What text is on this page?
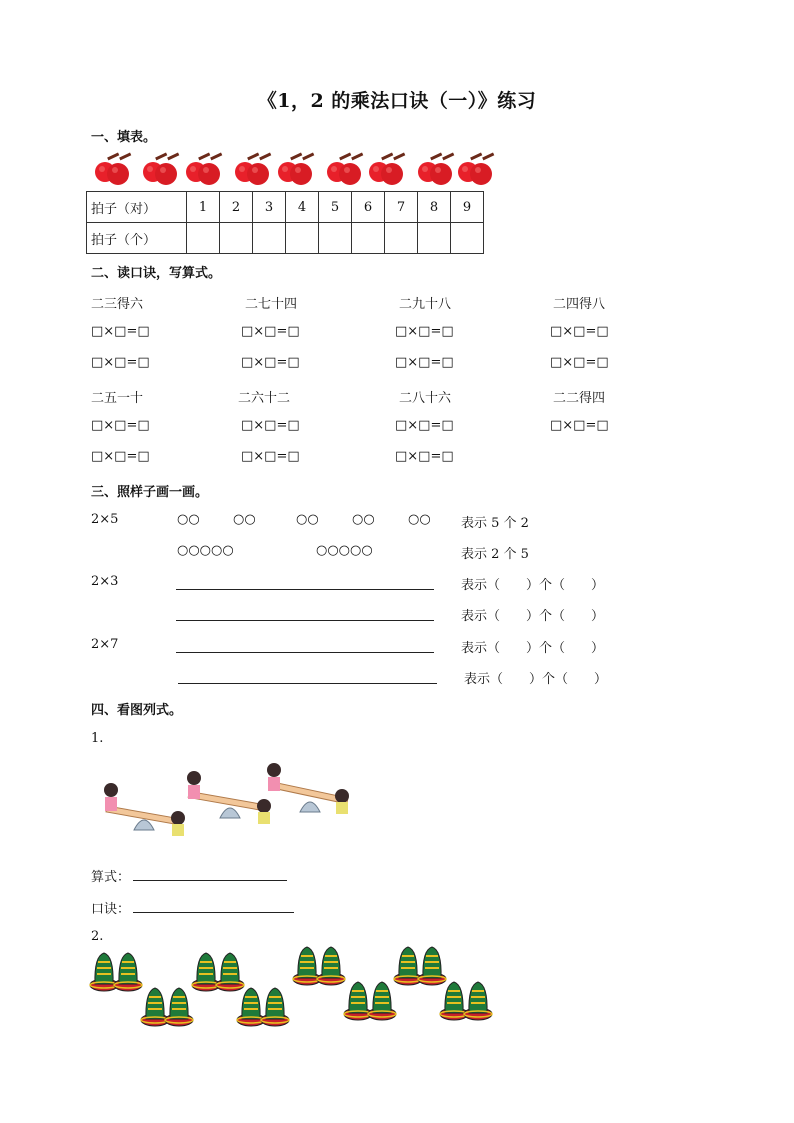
《1，2 的乘法口诀（一）》练习
一、填表。
拍子（对）	1	2	3	4	5	6	7	8	9
拍子（个）									
二、读口诀，写算式。
二三得六	二七十四	二九十八	二四得八
□×□=□	□×□=□	□×□=□	□×□=□
□×□=□	□×□=□	□×□=□	□×□=□
二五一十	二六十二	二八十六	二二得四
□×□=□	□×□=□	□×□=□	□×□=□
□×□=□	□×□=□	□×□=□
三、照样子画一画。
2×5	○○	○○	○○	○○	○○ 表示 5 个 2
○○○○○	○○○○○	表示 2 个 5
2×3	表示（　　）个（　　）
表示（　　）个（　　）
2×7	表示（　　）个（　　）
表示（　　）个（　　）
四、看图列式。
1.
算式：
口诀：
2.
